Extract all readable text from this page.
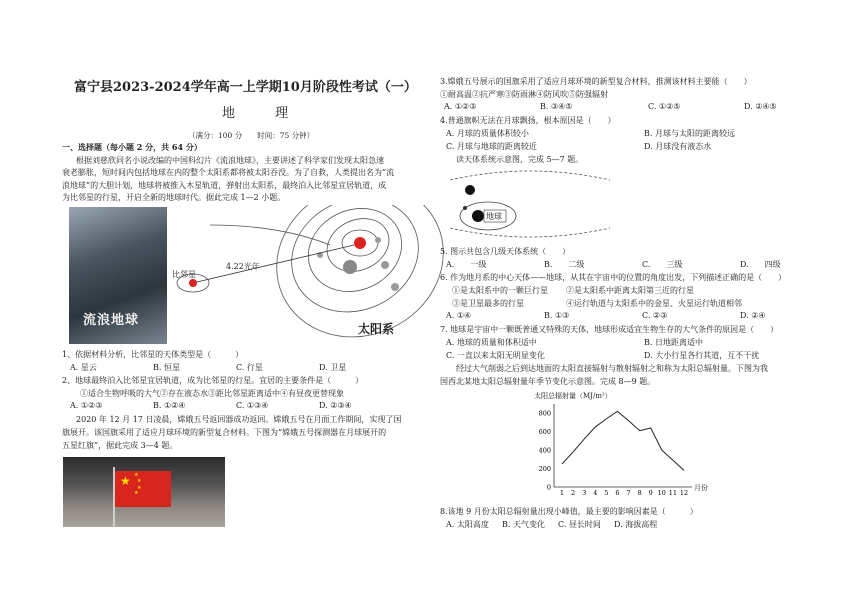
富宁县2023-2024学年高一上学期10月阶段性考试（一）
地 理
（满分：100 分　　时间：75 分钟）
一、选择题（每小题 2 分，共 64 分）
根据刘慈欣同名小说改编的中国科幻片《流浪地球》，主要讲述了科学家们发现太阳急速
衰老膨胀，短时间内包括地球在内的整个太阳系都将被太阳吞没。为了自救，人类提出名为“流
浪地球”的大胆计划，地球将被推入木星轨道，弹射出太阳系，最终泊入比邻星宜居轨道，成
为比邻星的行星，开启全新的地球时代。据此完成 1—2 小题。
流浪地球
比邻星
4.22光年
太阳系
1、依据材料分析，比邻星的天体类型是（　　　）
A. 星云	B. 恒星	C. 行星	D. 卫星
2、地球最终泊入比邻星宜居轨道，成为比邻星的行星。宜居的主要条件是（　　　）
①适合生物呼吸的大气②存在液态水③距比邻星距离适中④有昼夜更替现象
A. ①②③	B. ①②④	C. ①③④	D. ②③④
2020 年 12 月 17 日凌晨，嫦娥五号返回器成功返回。嫦娥五号在月面工作期间，实现了国
旗展开。该国旗采用了适应月球环境的新型复合材料。下图为“嫦娥五号探测器在月球展开的
五星红旗”，据此完成 3—4 题。
★ ★
★
★
★
3.嫦娥五号展示的国旗采用了适应月球环境的新型复合材料，推测该材料主要能（　　）
①耐高温②抗严寒③防雨淋④防风吹⑤防强辐射
A. ①②③	B. ③④⑤	C. ①②⑤	D. ②④⑤
4.普通旗帜无法在月球飘扬，根本原因是（　　）
A. 月球的质量体积较小	B. 月球与太阳的距离较远
C. 月球与地球的距离较近	D. 月球没有液态水
读天体系统示意图，完成 5—7 题。
地球
5. 图示共包含几级天体系统（　　）
A.　　一级	B.　　二级	C.　　三级	D.　　四级
6. 作为地月系的中心天体——地球，从其在宇宙中的位置的角度出发，下列描述正确的是（　　）
①是太阳系中的一颗巨行星 ②是太阳系中距离太阳第三近的行星
③是卫星最多的行星	④运行轨道与太阳系中的金星、火星运行轨道相邻
A. ①④	B. ①③	C. ②③	D. ②④
7. 地球是宇宙中一颗既普通又特殊的天体，地球形成适宜生物生存的大气条件的原因是（　　）
A. 地球的质量和体积适中	B. 日地距离适中
C. 一直以来太阳无明显变化	D. 大小行星各行其道，互不干扰
经过大气削弱之后到达地面的太阳直接辐射与散射辐射之和称为太阳总辐射量。下图为我
国西北某地太阳总辐射量年季节变化示意图。完成 8—9 题。
太阳总辐射量（MJ/m²）
0
200
400
600
800
1 2 3 4 5 6 7 8 9 10 11 12
月份
8.该地 9 月份太阳总辐射量出现小峰值，最主要的影响因素是（　　　）
A. 太阳高度 B. 天气变化 C. 昼长时间 D. 海拔高程
